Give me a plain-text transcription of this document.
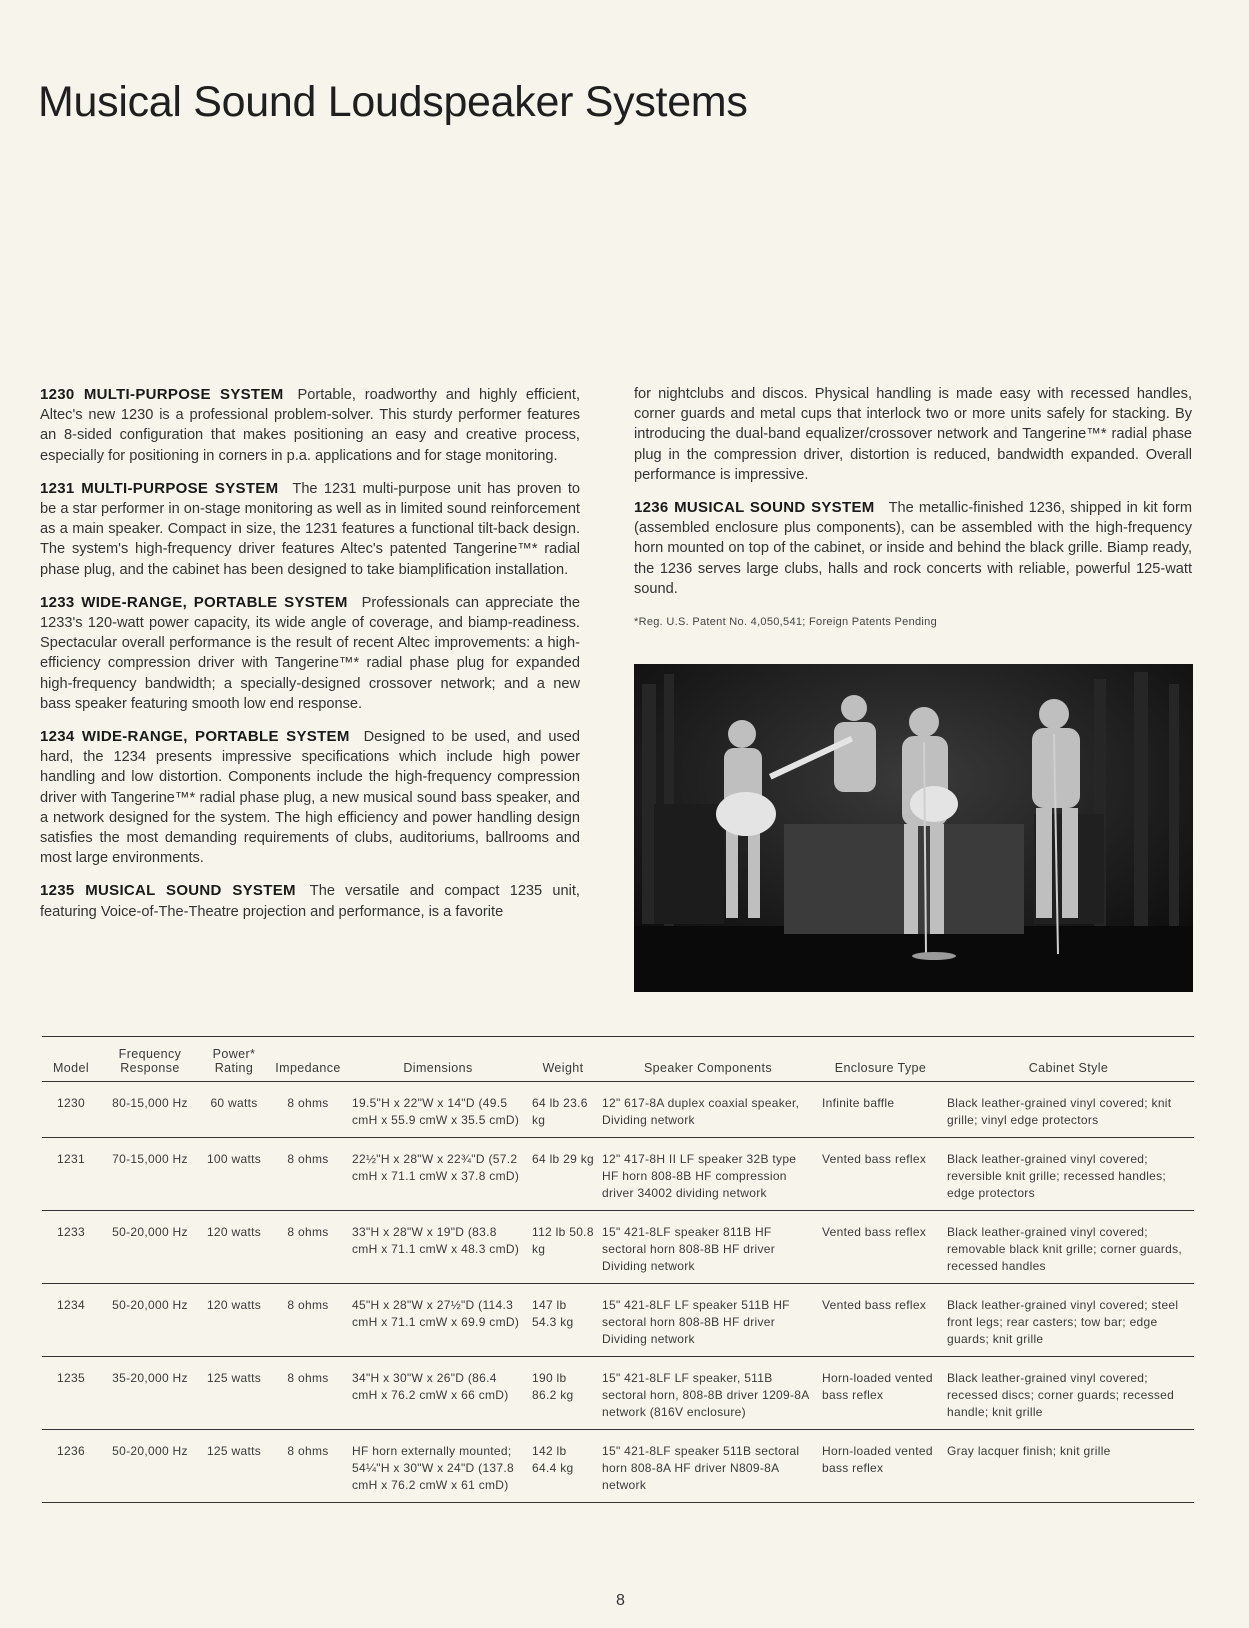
Musical Sound Loudspeaker Systems

1230 MULTI-PURPOSE SYSTEM Portable, roadworthy and highly efficient, Altec's new 1230 is a professional problem-solver. This sturdy performer features an 8-sided configuration that makes positioning an easy and creative process, especially for positioning in corners in p.a. applications and for stage monitoring.

1231 MULTI-PURPOSE SYSTEM The 1231 multi-purpose unit has proven to be a star performer in on-stage monitoring as well as in limited sound reinforcement as a main speaker. Compact in size, the 1231 features a functional tilt-back design. The system's high-frequency driver features Altec's patented Tangerine™* radial phase plug, and the cabinet has been designed to take biamplification installation.

1233 WIDE-RANGE, PORTABLE SYSTEM Professionals can appreciate the 1233's 120-watt power capacity, its wide angle of coverage, and biamp-readiness. Spectacular overall performance is the result of recent Altec improvements: a high-efficiency compression driver with Tangerine™* radial phase plug for expanded high-frequency bandwidth; a specially-designed crossover network; and a new bass speaker featuring smooth low end response.

1234 WIDE-RANGE, PORTABLE SYSTEM Designed to be used, and used hard, the 1234 presents impressive specifications which include high power handling and low distortion. Components include the high-frequency compression driver with Tangerine™* radial phase plug, a new musical sound bass speaker, and a network designed for the system. The high efficiency and power handling design satisfies the most demanding requirements of clubs, auditoriums, ballrooms and most large environments.

1235 MUSICAL SOUND SYSTEM The versatile and compact 1235 unit, featuring Voice-of-The-Theatre projection and performance, is a favorite

for nightclubs and discos. Physical handling is made easy with recessed handles, corner guards and metal cups that interlock two or more units safely for stacking. By introducing the dual-band equalizer/crossover network and Tangerine™* radial phase plug in the compression driver, distortion is reduced, bandwidth expanded. Overall performance is impressive.

1236 MUSICAL SOUND SYSTEM The metallic-finished 1236, shipped in kit form (assembled enclosure plus components), can be assembled with the high-frequency horn mounted on top of the cabinet, or inside and behind the black grille. Biamp ready, the 1236 serves large clubs, halls and rock concerts with reliable, powerful 125-watt sound.

*Reg. U.S. Patent No. 4,050,541; Foreign Patents Pending
Model	Frequency Response	Power* Rating	Impedance	Dimensions	Weight	Speaker Components	Enclosure Type	Cabinet Style
1230	80-15,000 Hz	60 watts	8 ohms	19.5"H x 22"W x 14"D (49.5 cmH x 55.9 cmW x 35.5 cmD)	64 lb 23.6 kg	12" 617-8A duplex coaxial speaker, Dividing network	Infinite baffle	Black leather-grained vinyl covered; knit grille; vinyl edge protectors
1231	70-15,000 Hz	100 watts	8 ohms	22½"H x 28"W x 22¾"D (57.2 cmH x 71.1 cmW x 37.8 cmD)	64 lb 29 kg	12" 417-8H II LF speaker 32B type HF horn 808-8B HF compression driver 34002 dividing network	Vented bass reflex	Black leather-grained vinyl covered; reversible knit grille; recessed handles; edge protectors
1233	50-20,000 Hz	120 watts	8 ohms	33"H x 28"W x 19"D (83.8 cmH x 71.1 cmW x 48.3 cmD)	112 lb 50.8 kg	15" 421-8LF speaker 811B HF sectoral horn 808-8B HF driver Dividing network	Vented bass reflex	Black leather-grained vinyl covered; removable black knit grille; corner guards, recessed handles
1234	50-20,000 Hz	120 watts	8 ohms	45"H x 28"W x 27½"D (114.3 cmH x 71.1 cmW x 69.9 cmD)	147 lb 54.3 kg	15" 421-8LF LF speaker 511B HF sectoral horn 808-8B HF driver Dividing network	Vented bass reflex	Black leather-grained vinyl covered; steel front legs; rear casters; tow bar; edge guards; knit grille
1235	35-20,000 Hz	125 watts	8 ohms	34"H x 30"W x 26"D (86.4 cmH x 76.2 cmW x 66 cmD)	190 lb 86.2 kg	15" 421-8LF LF speaker, 511B sectoral horn, 808-8B driver 1209-8A network (816V enclosure)	Horn-loaded vented bass reflex	Black leather-grained vinyl covered; recessed discs; corner guards; recessed handle; knit grille
1236	50-20,000 Hz	125 watts	8 ohms	HF horn externally mounted; 54¼"H x 30"W x 24"D (137.8 cmH x 76.2 cmW x 61 cmD)	142 lb 64.4 kg	15" 421-8LF speaker 511B sectoral horn 808-8A HF driver N809-8A network	Horn-loaded vented bass reflex	Gray lacquer finish; knit grille
8
